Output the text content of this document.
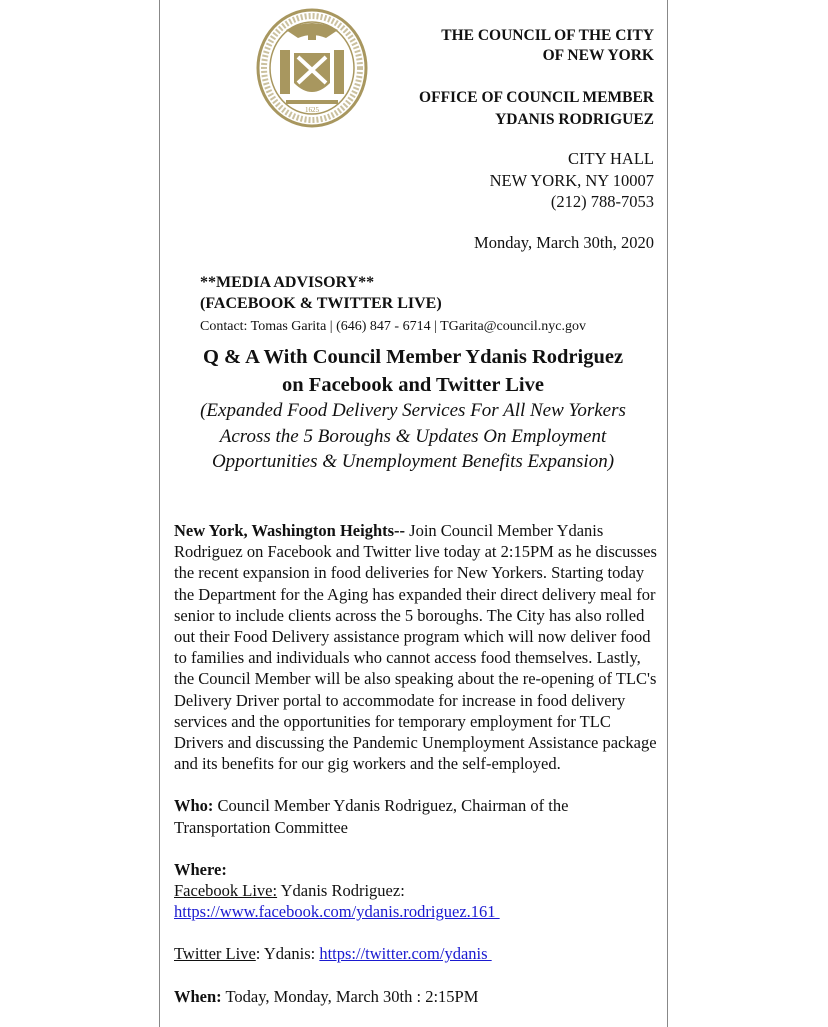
1625
THE COUNCIL OF THE CITY
OF NEW YORK
OFFICE OF COUNCIL MEMBER
YDANIS RODRIGUEZ
CITY HALL
NEW YORK, NY 10007
(212) 788-7053
Monday, March 30th, 2020
**MEDIA ADVISORY**
(FACEBOOK & TWITTER LIVE)
Contact: Tomas Garita | (646) 847 - 6714 | TGarita@council.nyc.gov
Q & A With Council Member Ydanis Rodriguez
on Facebook and Twitter Live
(Expanded Food Delivery Services For All New Yorkers Across the 5 Boroughs & Updates On Employment Opportunities & Unemployment Benefits Expansion)

New York, Washington Heights-- Join Council Member Ydanis Rodriguez on Facebook and Twitter live today at 2:15PM as he discusses the recent expansion in food deliveries for New Yorkers. Starting today the Department for the Aging has expanded their direct delivery meal for senior to include clients across the 5 boroughs. The City has also rolled out their Food Delivery assistance program which will now deliver food to families and individuals who cannot access food themselves. Lastly, the Council Member will be also speaking about the re-opening of TLC's Delivery Driver portal to accommodate for increase in food delivery services and the opportunities for temporary employment for TLC Drivers and discussing the Pandemic Unemployment Assistance package and its benefits for our gig workers and the self-employed.

Who: Council Member Ydanis Rodriguez, Chairman of the Transportation Committee

Where:
Facebook Live: Ydanis Rodriguez:
https://www.facebook.com/ydanis.rodriguez.161

Twitter Live: Ydanis: https://twitter.com/ydanis

When: Today, Monday, March 30th : 2:15PM
